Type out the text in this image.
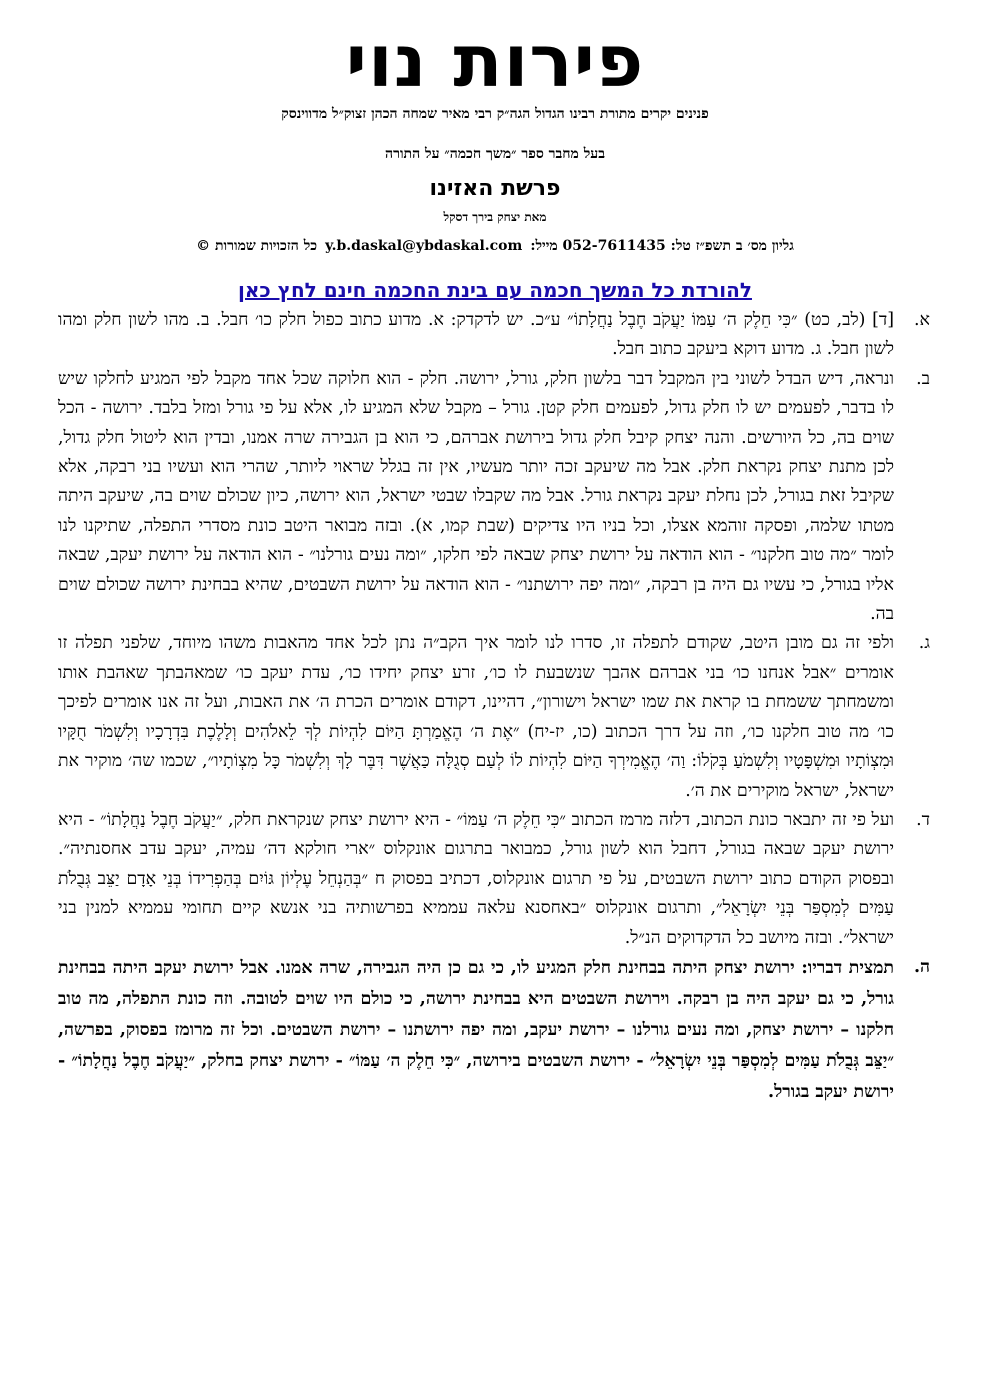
פירות נוי
פנינים יקרים מתורת רבינו הגדול הגה״ק רבי מאיר שמחה הכהן זצוק״ל מדווינסק
בעל מחבר ספר ״משך חכמה״ על התורה
פרשת האזינו
מאת יצחק בירך דסקל
גליון מס׳ ב תשפ״ז טל: 052-7611435 מייל:y.b.daskal@ybdaskal.comכל הזכויות שמורות ©
להורדת כל המשך חכמה עם בינת החכמה חינם לחץ כאן
א.
[ד] (לב, כט) ״כִּי חֵלֶק ה׳ עַמּוֹ יַעֲקֹב חֶבֶל נַחֲלָתוֹ״ ע״כ. יש לדקדק: א. מדוע כתוב כפול חלק כו׳ חבל. ב. מהו לשון חלק ומהו לשון חבל. ג. מדוע דוקא ביעקב כתוב חבל.
ב.
ונראה, דיש הבדל לשוני בין המקבל דבר בלשון חלק, גורל, ירושה. חלק - הוא חלוקה שכל אחד מקבל לפי המגיע לחלקו שיש לו בדבר, לפעמים יש לו חלק גדול, לפעמים חלק קטן. גורל – מקבל שלא המגיע לו, אלא על פי גורל ומזל בלבד. ירושה - הכל שוים בה, כל היורשים. והנה יצחק קיבל חלק גדול בירושת אברהם, כי הוא בן הגבירה שרה אמנו, ובדין הוא ליטול חלק גדול, לכן מתנת יצחק נקראת חלק. אבל מה שיעקב זכה יותר מעשיו, אין זה בגלל שראוי ליותר, שהרי הוא ועשיו בני רבקה, אלא שקיבל זאת בגורל, לכן נחלת יעקב נקראת גורל. אבל מה שקבלו שבטי ישראל, הוא ירושה, כיון שכולם שוים בה, שיעקב היתה מטתו שלמה, ופסקה זוהמא אצלו, וכל בניו היו צדיקים (שבת קמו, א). ובזה מבואר היטב כונת מסדרי התפלה, שתיקנו לנו לומר ״מה טוב חלקנו״ - הוא הודאה על ירושת יצחק שבאה לפי חלקו, ״ומה נעים גורלנו״ - הוא הודאה על ירושת יעקב, שבאה אליו בגורל, כי עשיו גם היה בן רבקה, ״ומה יפה ירושתנו״ - הוא הודאה על ירושת השבטים, שהיא בבחינת ירושה שכולם שוים בה.
ג.
ולפי זה גם מובן היטב, שקודם לתפלה זו, סדרו לנו לומר איך הקב״ה נתן לכל אחד מהאבות משהו מיוחד, שלפני תפלה זו אומרים ״אבל אנחנו כו׳ בני אברהם אהבך שנשבעת לו כו׳, זרע יצחק יחידו כו׳, עדת יעקב כו׳ שמאהבתך שאהבת אותו ומשמחתך ששמחת בו קראת את שמו ישראל וישורון״, דהיינו, דקודם אומרים הכרת ה׳ את האבות, ועל זה אנו אומרים לפיכך כו׳ מה טוב חלקנו כו׳, וזה על דרך הכתוב (כו, יז-יח) ״אֶת ה׳ הֶאֱמַרְתָּ הַיּוֹם לִהְיוֹת לְךָ לֵאלֹהִים וְלָלֶכֶת בִּדְרָכָיו וְלִשְׁמֹר חֻקָּיו וּמִצְוֹתָיו וּמִשְׁפָּטָיו וְלִשְׁמֹעַ בְּקֹלוֹ: וַה׳ הֶאֱמִירְךָ הַיּוֹם לִהְיוֹת לוֹ לְעַם סְגֻלָּה כַּאֲשֶׁר דִּבֶּר לָךְ וְלִשְׁמֹר כָּל מִצְוֹתָיו״, שכמו שה׳ מוקיר את ישראל, ישראל מוקירים את ה׳.
ד.
ועל פי זה יתבאר כונת הכתוב, דלזה מרמז הכתוב ״כִּי חֵלֶק ה׳ עַמּוֹ״ - היא ירושת יצחק שנקראת חלק, ״יַעֲקֹב חֶבֶל נַחֲלָתוֹ״ - היא ירושת יעקב שבאה בגורל, דחבל הוא לשון גורל, כמבואר בתרגום אונקלוס ״ארי חולקא דה׳ עמיה, יעקב עדב אחסנתיה״. ובפסוק הקודם כתוב ירושת השבטים, על פי תרגום אונקלוס, דכתיב בפסוק ח ״בְּהַנְחֵל עֶלְיוֹן גּוֹיִם בְּהַפְרִידוֹ בְּנֵי אָדָם יַצֵּב גְּבֻלֹת עַמִּים לְמִסְפַּר בְּנֵי יִשְׂרָאֵל״, ותרגום אונקלוס ״באחסנא עלאה עממיא בפרשותיה בני אנשא קיים תחומי עממיא למנין בני ישראל״. ובזה מיושב כל הדקדוקים הנ״ל.
ה.
תמצית דבריו: ירושת יצחק היתה בבחינת חלק המגיע לו, כי גם כן היה הגבירה, שרה אמנו. אבל ירושת יעקב היתה בבחינת גורל, כי גם יעקב היה בן רבקה. וירושת השבטים היא בבחינת ירושה, כי כולם היו שוים לטובה. וזה כונת התפלה, מה טוב חלקנו – ירושת יצחק, ומה נעים גורלנו – ירושת יעקב, ומה יפה ירושתנו – ירושת השבטים. וכל זה מרומז בפסוק, בפרשה, ״יַצֵּב גְּבֻלֹת עַמִּים לְמִסְפַּר בְּנֵי יִשְׂרָאֵל״ - ירושת השבטים בירושה, ״כִּי חֵלֶק ה׳ עַמּוֹ״ - ירושת יצחק בחלק, ״יַעֲקֹב חֶבֶל נַחֲלָתוֹ״ - ירושת יעקב בגורל.
